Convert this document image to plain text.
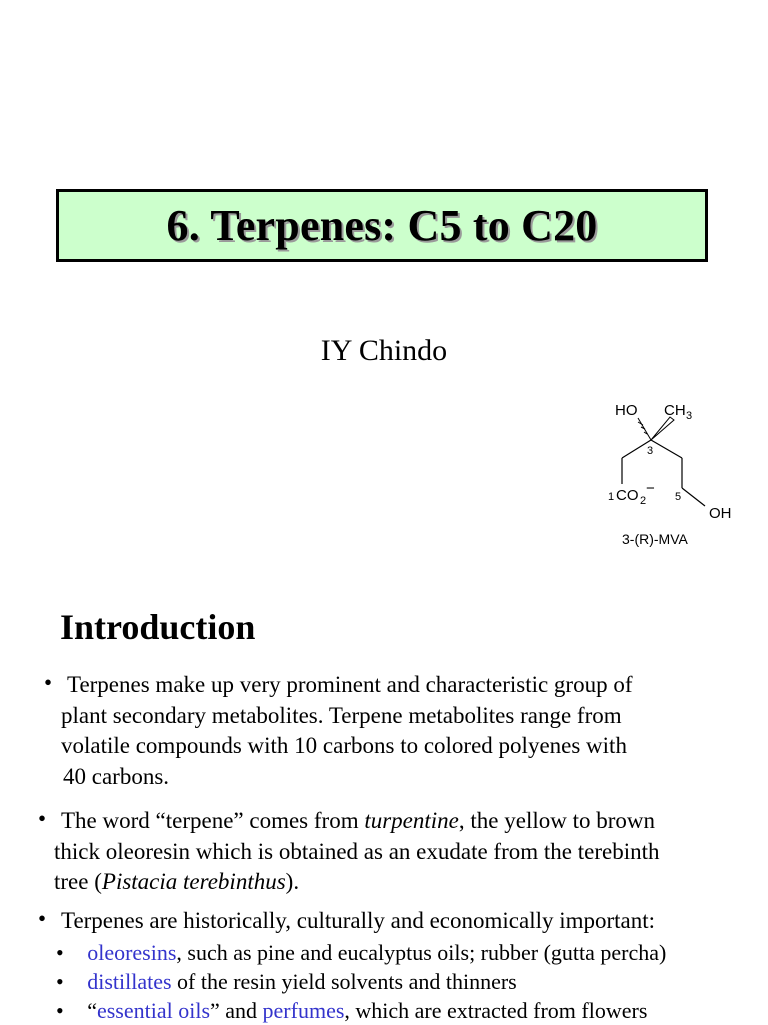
6. Terpenes: C5 to C20
IY Chindo
HO CH 3
3
1 CO 2
− 5
OH
3-(R)-MVA
Introduction
• Terpenes make up very prominent and characteristic group of
plant secondary metabolites. Terpene metabolites range from
volatile compounds with 10 carbons to colored polyenes with
40 carbons.
• The word “terpene” comes from turpentine, the yellow to brown
thick oleoresin which is obtained as an exudate from the terebinth
tree (Pistacia terebinthus).
• Terpenes are historically, culturally and economically important:
• oleoresins, such as pine and eucalyptus oils; rubber (gutta percha)
• distillates of the resin yield solvents and thinners
• “essential oils” and perfumes, which are extracted from flowers
